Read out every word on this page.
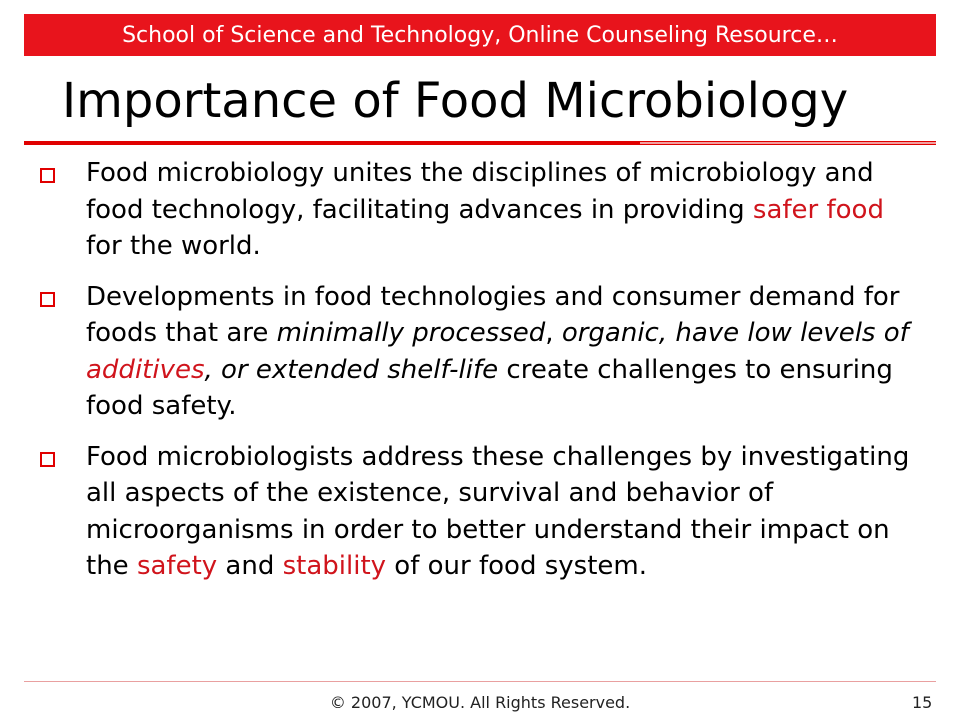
School of Science and Technology, Online Counseling Resource…
Importance of Food Microbiology
Food microbiology unites the disciplines of microbiology and food technology, facilitating advances in providing safer food for the world.
Developments in food technologies and consumer demand for foods that are minimally processed, organic, have low levels of additives, or extended shelf-life create challenges to ensuring food safety.
Food microbiologists address these challenges by investigating all aspects of the existence, survival and behavior of microorganisms in order to better understand their impact on the safety and stability of our food system.
© 2007, YCMOU. All Rights Reserved.	15
